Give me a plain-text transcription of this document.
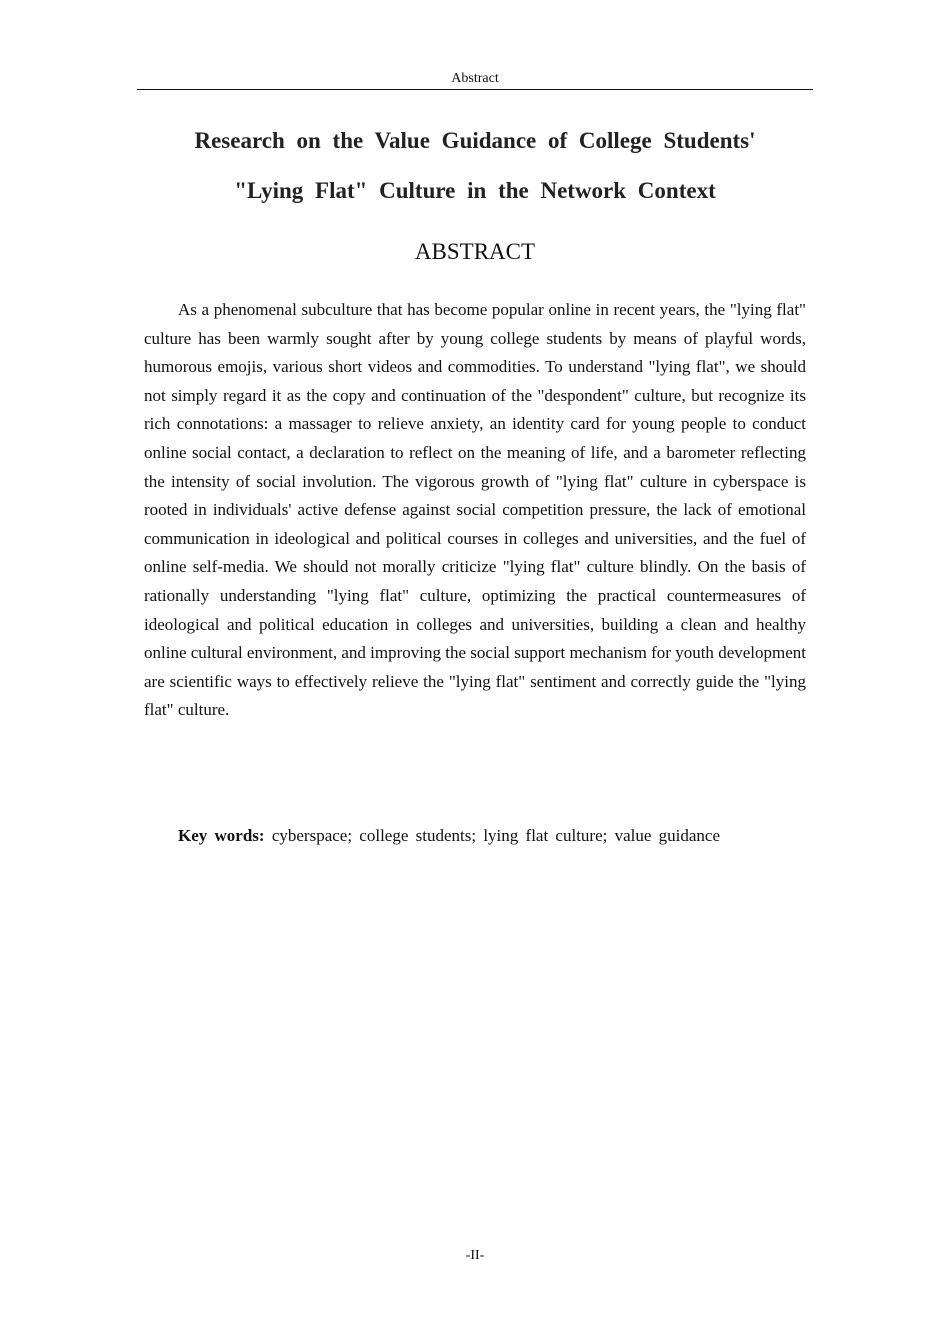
Abstract
Research on the Value Guidance of College Students'
"Lying Flat" Culture in the Network Context
ABSTRACT

As a phenomenal subculture that has become popular online in recent years, the "lying flat" culture has been warmly sought after by young college students by means of playful words, humorous emojis, various short videos and commodities. To understand "lying flat", we should not simply regard it as the copy and continuation of the "despondent" culture, but recognize its rich connotations: a massager to relieve anxiety, an identity card for young people to conduct online social contact, a declaration to reflect on the meaning of life, and a barometer reflecting the intensity of social involution. The vigorous growth of "lying flat" culture in cyberspace is rooted in individuals' active defense against social competition pressure, the lack of emotional communication in ideological and political courses in colleges and universities, and the fuel of online self-media. We should not morally criticize "lying flat" culture blindly. On the basis of rationally understanding "lying flat" culture, optimizing the practical countermeasures of ideological and political education in colleges and universities, building a clean and healthy online cultural environment, and improving the social support mechanism for youth development are scientific ways to effectively relieve the "lying flat" sentiment and correctly guide the "lying flat" culture.

Key words: cyberspace; college students; lying flat culture; value guidance

-II-
